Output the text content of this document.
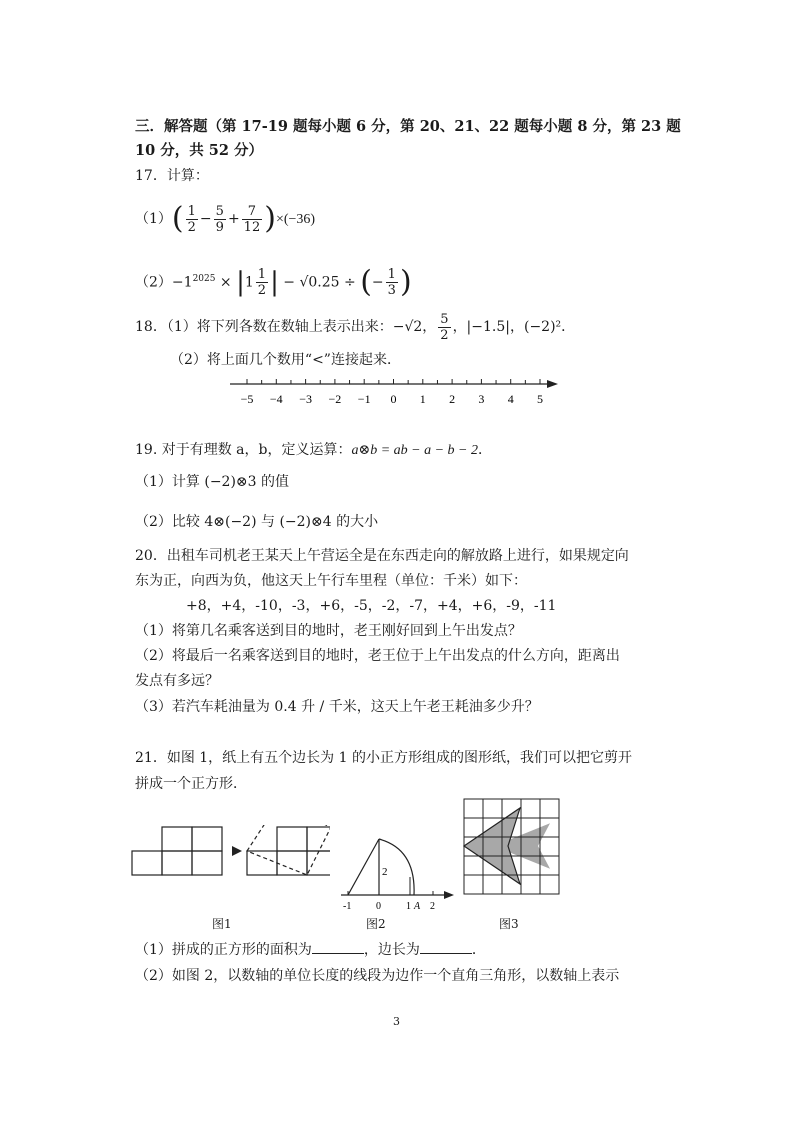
三．解答题（第 17-19 题每小题 6 分，第 20、21、22 题每小题 8 分，第 23 题
10 分，共 52 分）
17．计算：
$(1)( \frac{1}{2} - \frac{5}{9} + \frac{7}{12} )\times(-36)$
$(2)-1^{2025} \times |1 \frac{1}{2}$ | − √0.25 ÷ (− $\frac{1}{3}$ )
18．（1）将下列各数在数轴上表示出来：−√2， $\frac{5}{2}$ ，|−1.5|，(−2)²．
（2）将上面几个数用“<”连接起来．
−5 −4 −3 −2 −1 0 1 2 3 4 5
19. 对于有理数 a，b，定义运算：a⊗b = ab − a − b − 2．
（1）计算 (−2)⊗3 的值
（2）比较 4⊗(−2) 与 (−2)⊗4 的大小
20．出租车司机老王某天上午营运全是在东西走向的解放路上进行，如果规定向
东为正，向西为负，他这天上午行车里程（单位：千米）如下：
+8，+4，-10，-3，+6，-5，-2，-7，+4，+6，-9，-11
（1）将第几名乘客送到目的地时，老王刚好回到上午出发点？
（2）将最后一名乘客送到目的地时，老王位于上午出发点的什么方向，距离出
发点有多远？
（3）若汽车耗油量为 0.4 升 / 千米，这天上午老王耗油多少升？
21．如图 1，纸上有五个边长为 1 的小正方形组成的图形纸，我们可以把它剪开
拼成一个正方形．
图1
2
-1 0	1 A 2
图2	图3
（1）拼成的正方形的面积为	，边长为	．
（2）如图 2，以数轴的单位长度的线段为边作一个直角三角形，以数轴上表示
3
